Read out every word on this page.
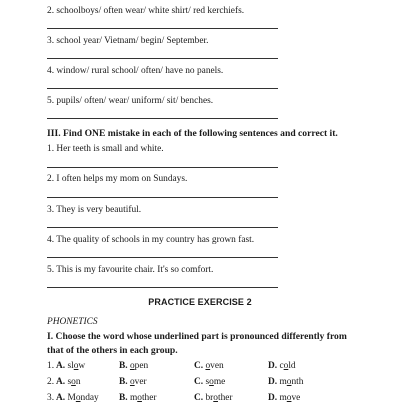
2. schoolboys/ often wear/ white shirt/ red kerchiefs.
3. school year/ Vietnam/ begin/ September.
4. window/ rural school/ often/ have no panels.
5. pupils/ often/ wear/ uniform/ sit/ benches.
III. Find ONE mistake in each of the following sentences and correct it.
1. Her teeth is small and white.
2. I often helps my mom on Sundays.
3. They is very beautiful.
4. The quality of schools in my country has grown fast.
5. This is my favourite chair. It's so comfort.
PRACTICE EXERCISE 2
PHONETICS
I. Choose the word whose underlined part is pronounced differently from
that of the others in each group.
1. A. slow	B. open	C. oven	D. cold
2. A. son	B. over	C. some	D. month
3. A. Monday B. mother	C. brother	D. move
